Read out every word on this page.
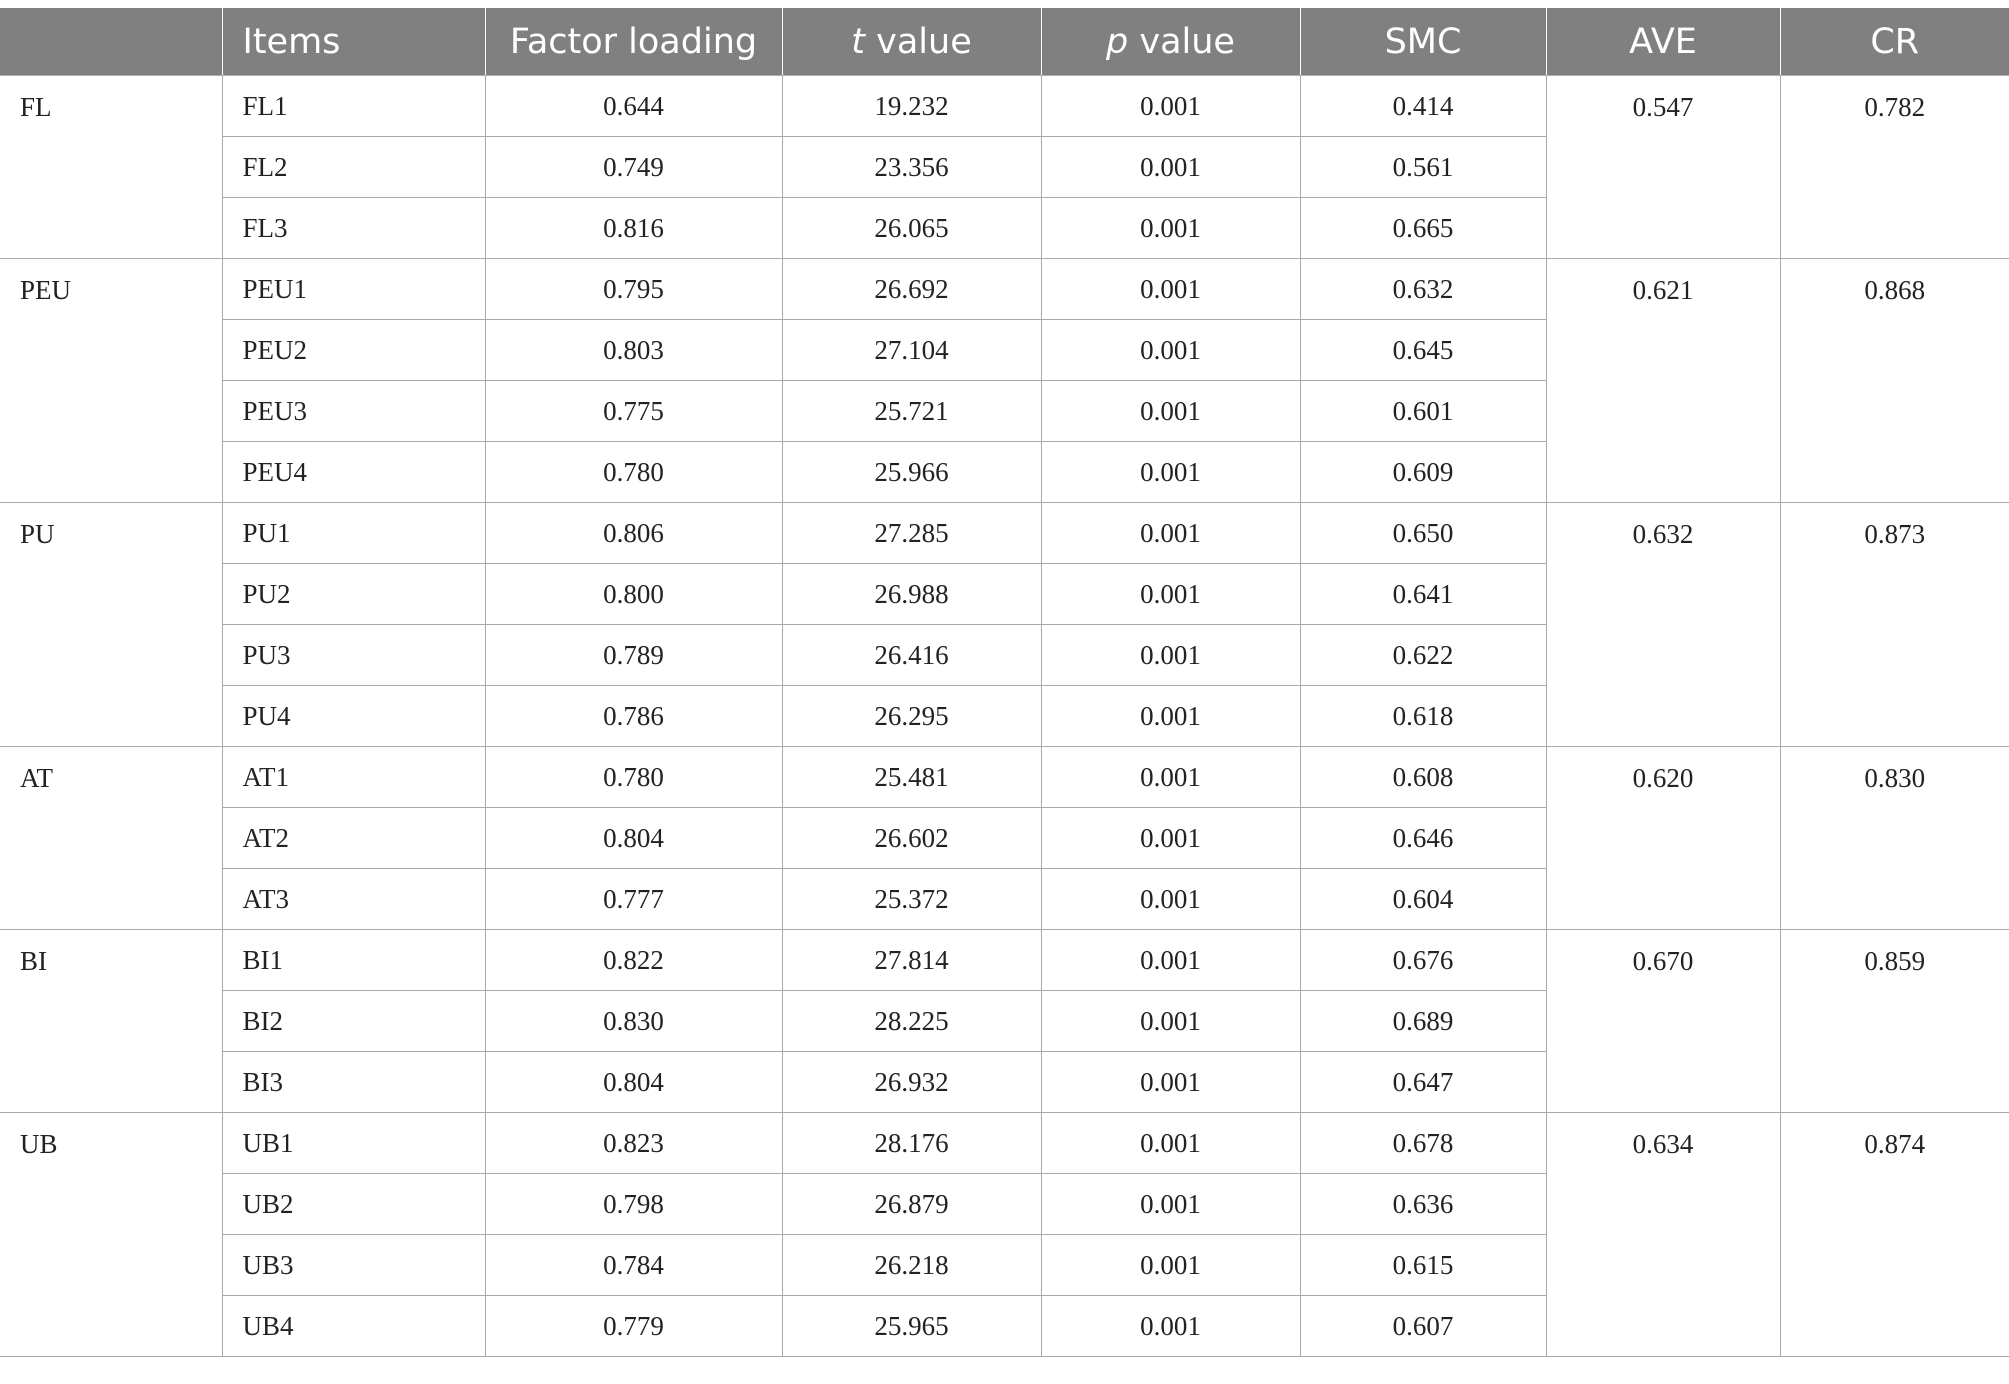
	Items	Factor loading	t value	p value	SMC	AVE	CR
FL	FL1	0.644	19.232	0.001	0.414	0.547	0.782
	FL2	0.749	23.356	0.001	0.561		
	FL3	0.816	26.065	0.001	0.665		
PEU	PEU1	0.795	26.692	0.001	0.632	0.621	0.868
	PEU2	0.803	27.104	0.001	0.645		
	PEU3	0.775	25.721	0.001	0.601		
	PEU4	0.780	25.966	0.001	0.609		
PU	PU1	0.806	27.285	0.001	0.650	0.632	0.873
	PU2	0.800	26.988	0.001	0.641		
	PU3	0.789	26.416	0.001	0.622		
	PU4	0.786	26.295	0.001	0.618		
AT	AT1	0.780	25.481	0.001	0.608	0.620	0.830
	AT2	0.804	26.602	0.001	0.646		
	AT3	0.777	25.372	0.001	0.604		
BI	BI1	0.822	27.814	0.001	0.676	0.670	0.859
	BI2	0.830	28.225	0.001	0.689		
	BI3	0.804	26.932	0.001	0.647		
UB	UB1	0.823	28.176	0.001	0.678	0.634	0.874
	UB2	0.798	26.879	0.001	0.636		
	UB3	0.784	26.218	0.001	0.615		
	UB4	0.779	25.965	0.001	0.607		
